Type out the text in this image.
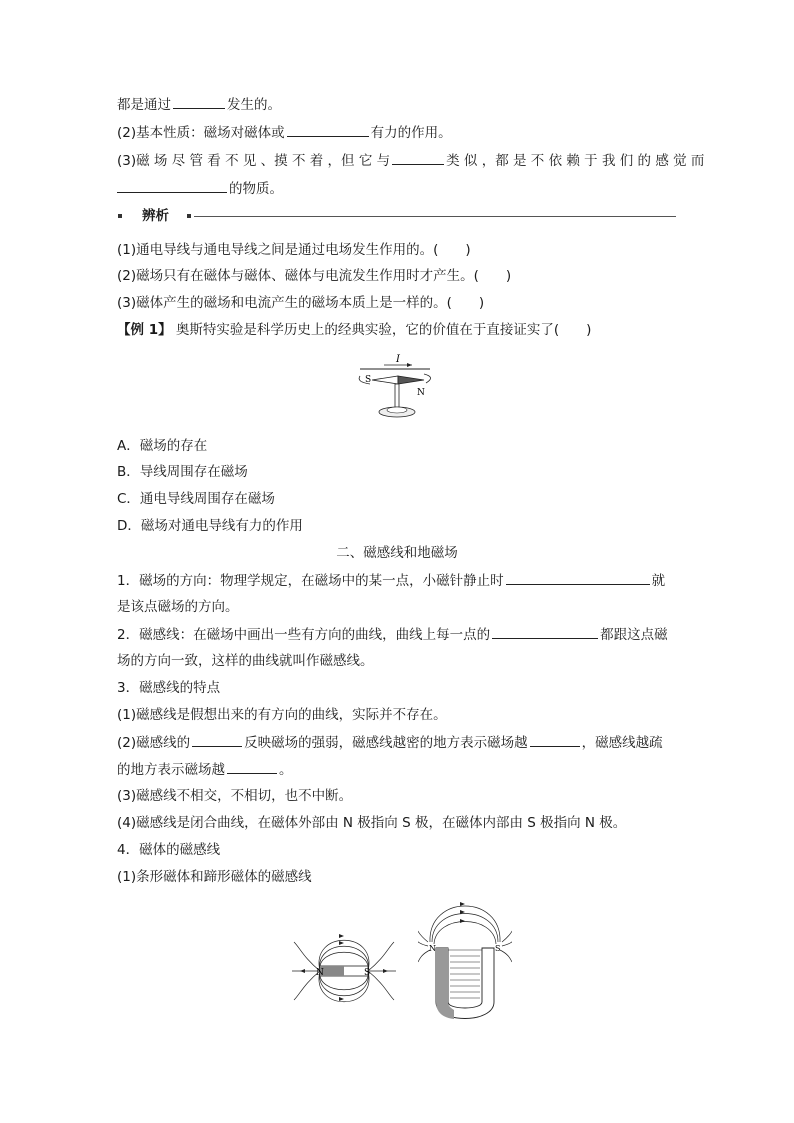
都是通过	发生的。
(2)基本性质：磁场对磁体或	有力的作用。
(3)磁 场 尽 管 看 不 见 、摸 不 着 ，但 它 与	类 似 ，都 是 不 依 赖 于 我 们 的 感 觉 而
的物质。
辨析
(1)通电导线与通电导线之间是通过电场发生作用的。(　　)
(2)磁场只有在磁体与磁体、磁体与电流发生作用时才产生。(　　)
(3)磁体产生的磁场和电流产生的磁场本质上是一样的。(　　)
【例 1】 奥斯特实验是科学历史上的经典实验，它的价值在于直接证实了(　　)
I
S
N
A．磁场的存在
B．导线周围存在磁场
C．通电导线周围存在磁场
D．磁场对通电导线有力的作用
二、磁感线和地磁场
1．磁场的方向：物理学规定，在磁场中的某一点，小磁针静止时	就
是该点磁场的方向。
2．磁感线：在磁场中画出一些有方向的曲线，曲线上每一点的	都跟这点磁
场的方向一致，这样的曲线就叫作磁感线。
3．磁感线的特点
(1)磁感线是假想出来的有方向的曲线，实际并不存在。
(2)磁感线的	反映磁场的强弱，磁感线越密的地方表示磁场越	，磁感线越疏
的地方表示磁场越	。
(3)磁感线不相交，不相切，也不中断。
(4)磁感线是闭合曲线，在磁体外部由 N 极指向 S 极，在磁体内部由 S 极指向 N 极。
4．磁体的磁感线
(1)条形磁体和蹄形磁体的磁感线
N	S
N	S
